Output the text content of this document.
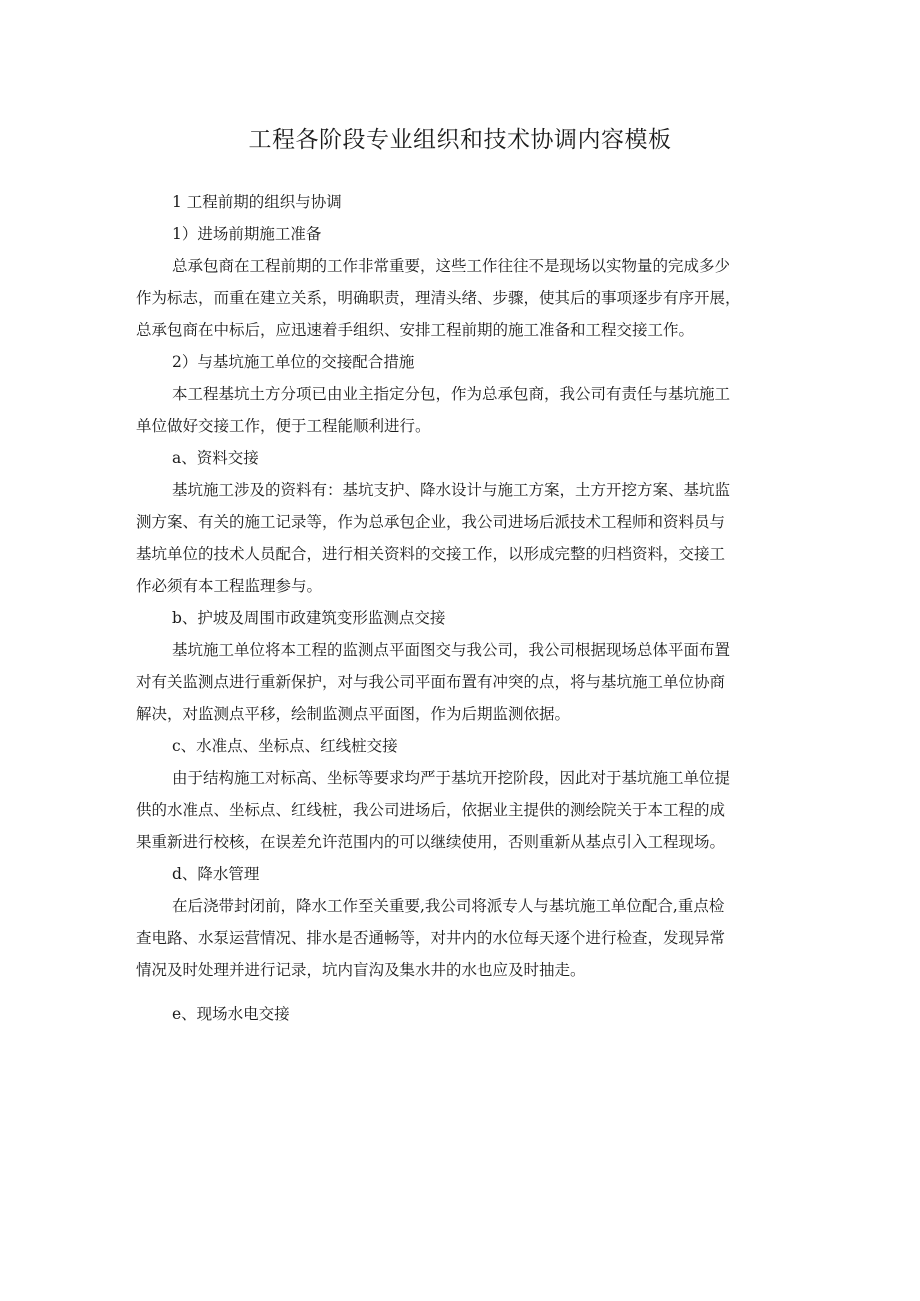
工程各阶段专业组织和技术协调内容模板
1 工程前期的组织与协调
1）进场前期施工准备
总承包商在工程前期的工作非常重要，这些工作往往不是现场以实物量的完成多少
作为标志，而重在建立关系，明确职责，理清头绪、步骤，使其后的事项逐步有序开展，
总承包商在中标后，应迅速着手组织、安排工程前期的施工准备和工程交接工作。
2）与基坑施工单位的交接配合措施
本工程基坑土方分项已由业主指定分包，作为总承包商，我公司有责任与基坑施工
单位做好交接工作，便于工程能顺利进行。
a、资料交接
基坑施工涉及的资料有：基坑支护、降水设计与施工方案，土方开挖方案、基坑监
测方案、有关的施工记录等，作为总承包企业，我公司进场后派技术工程师和资料员与
基坑单位的技术人员配合，进行相关资料的交接工作，以形成完整的归档资料，交接工
作必须有本工程监理参与。
b、护坡及周围市政建筑变形监测点交接
基坑施工单位将本工程的监测点平面图交与我公司，我公司根据现场总体平面布置
对有关监测点进行重新保护，对与我公司平面布置有冲突的点，将与基坑施工单位协商
解决，对监测点平移，绘制监测点平面图，作为后期监测依据。
c、水准点、坐标点、红线桩交接
由于结构施工对标高、坐标等要求均严于基坑开挖阶段，因此对于基坑施工单位提
供的水准点、坐标点、红线桩，我公司进场后，依据业主提供的测绘院关于本工程的成
果重新进行校核，在误差允许范围内的可以继续使用，否则重新从基点引入工程现场。
d、降水管理
在后浇带封闭前，降水工作至关重要,我公司将派专人与基坑施工单位配合,重点检
查电路、水泵运营情况、排水是否通畅等，对井内的水位每天逐个进行检查，发现异常
情况及时处理并进行记录，坑内盲沟及集水井的水也应及时抽走。
e、现场水电交接
